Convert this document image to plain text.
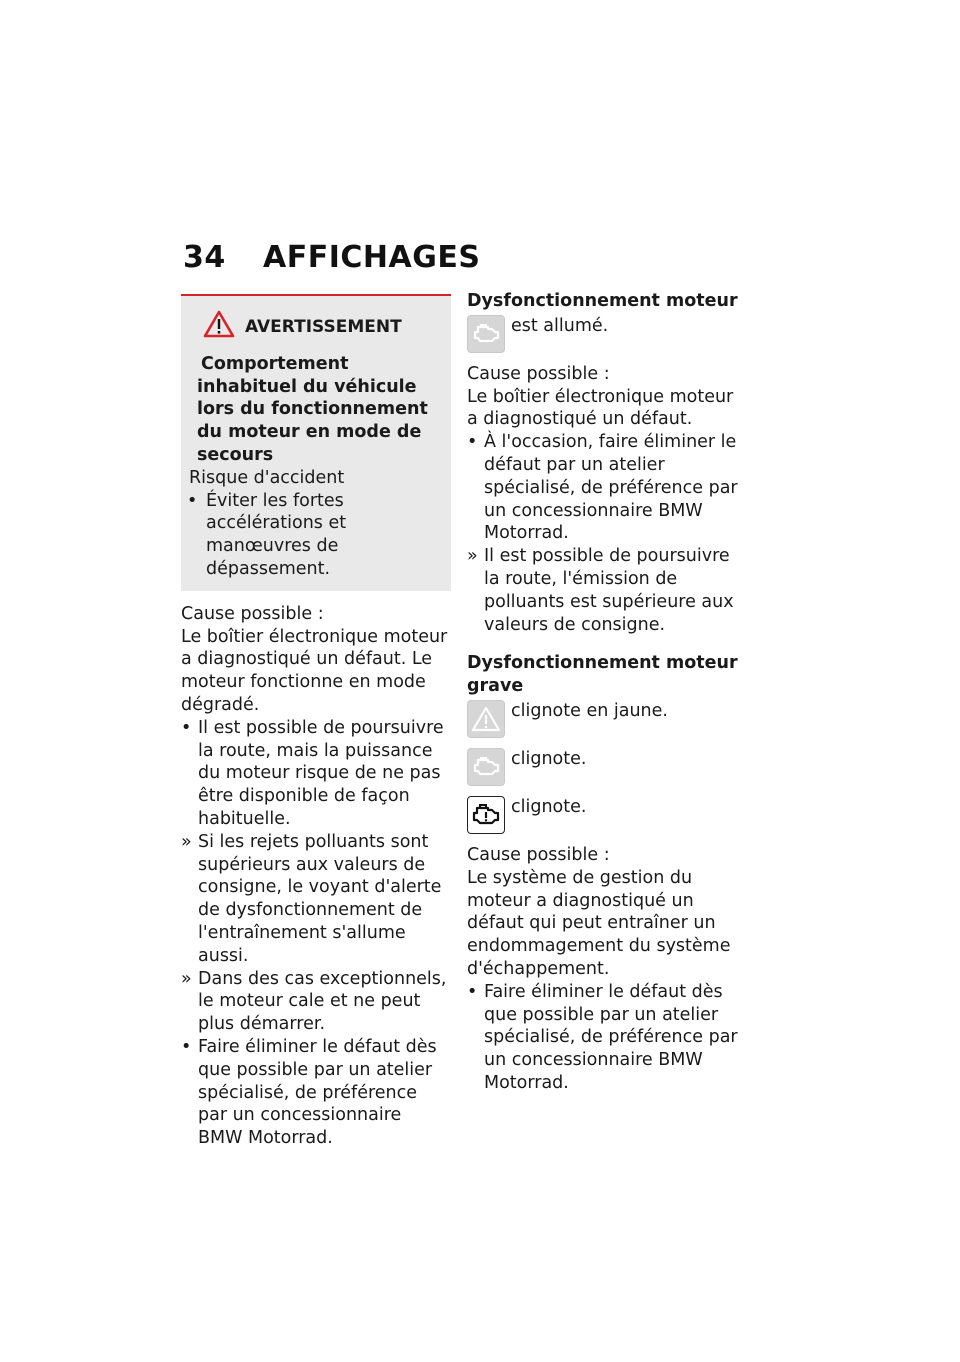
34 AFFICHAGES
AVERTISSEMENT

Comportement inhabituel du véhicule lors du fonctionnement du moteur en mode de secours

Risque d'accident

• Éviter les fortes accélérations et manœuvres de dépassement.

Cause possible :

Le boîtier électronique moteur a diagnostiqué un défaut. Le moteur fonctionne en mode dégradé.

• Il est possible de poursuivre la route, mais la puissance du moteur risque de ne pas être disponible de façon habituelle.
» Si les rejets polluants sont supérieurs aux valeurs de consigne, le voyant d'alerte de dysfonctionnement de l'entraînement s'allume aussi.
» Dans des cas exceptionnels, le moteur cale et ne peut plus démarrer.
• Faire éliminer le défaut dès que possible par un atelier spécialisé, de préférence par un concessionnaire BMW Motorrad.

Dysfonctionnement moteur

est allumé.

Cause possible :

Le boîtier électronique moteur a diagnostiqué un défaut.

• À l'occasion, faire éliminer le défaut par un atelier spécialisé, de préférence par un concessionnaire BMW Motorrad.
» Il est possible de poursuivre la route, l'émission de polluants est supérieure aux valeurs de consigne.

Dysfonctionnement moteur grave

clignote en jaune.
clignote.
clignote.

Cause possible :

Le système de gestion du moteur a diagnostiqué un défaut qui peut entraîner un endommagement du système d'échappement.

• Faire éliminer le défaut dès que possible par un atelier spécialisé, de préférence par un concessionnaire BMW Motorrad.
